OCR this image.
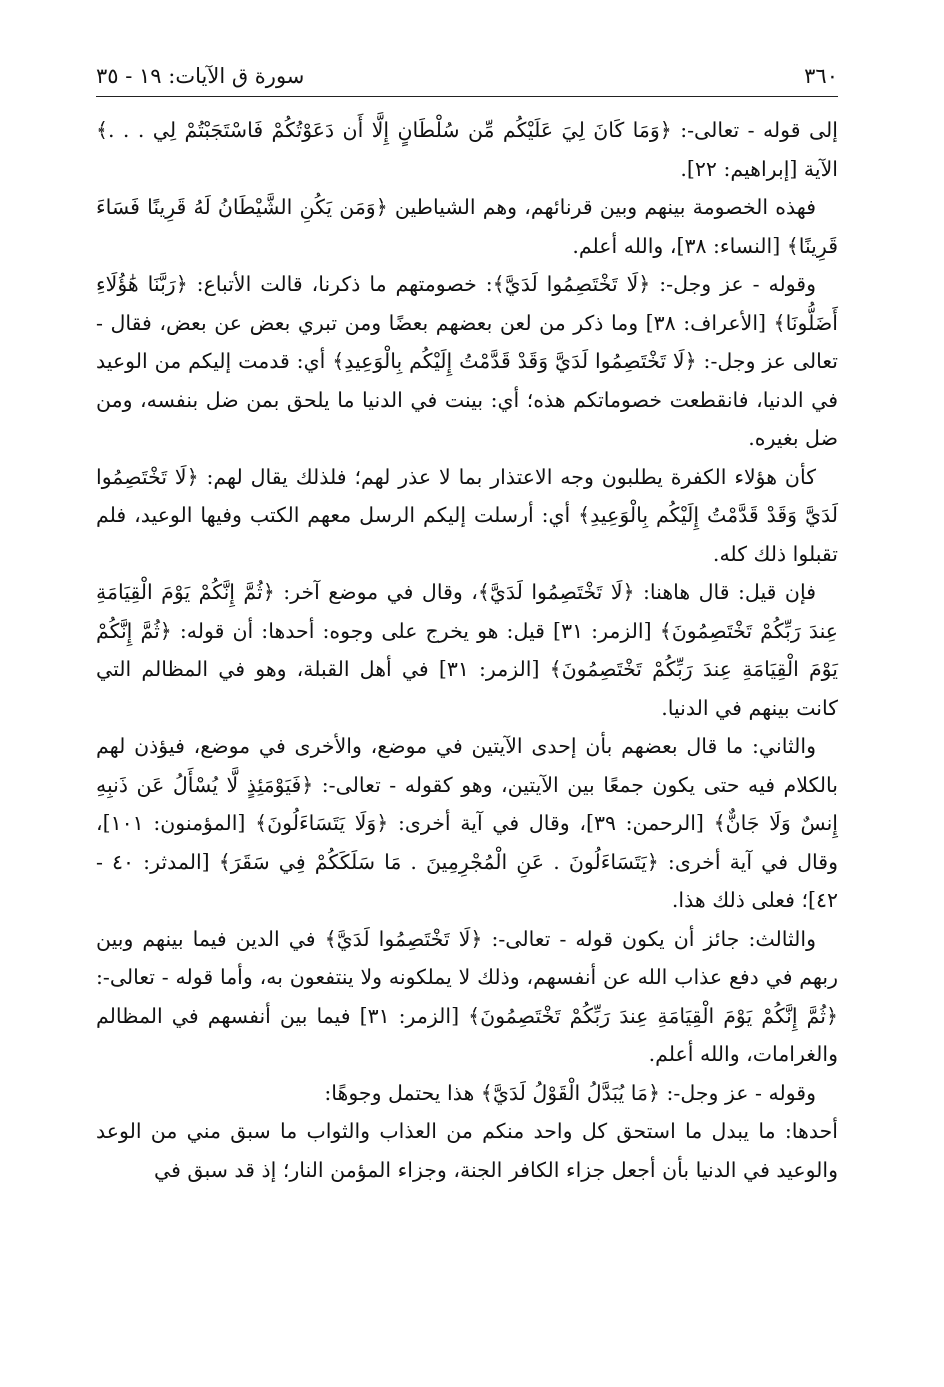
٣٦٠
سورة ق الآيات: ١٩ - ٣٥

إلى قوله - تعالى-: ﴿وَمَا كَانَ لِيَ عَلَيْكُم مِّن سُلْطَانٍ إِلَّا أَن دَعَوْتُكُمْ فَاسْتَجَبْتُمْ لِي . . .﴾ الآية [إبراهيم: ٢٢].

فهذه الخصومة بينهم وبين قرنائهم، وهم الشياطين ﴿وَمَن يَكُنِ الشَّيْطَانُ لَهُ قَرِينًا فَسَاءَ قَرِينًا﴾ [النساء: ٣٨]، والله أعلم.

وقوله - عز وجل-: ﴿لَا تَخْتَصِمُوا لَدَيَّ﴾: خصومتهم ما ذكرنا، قالت الأتباع: ﴿رَبَّنَا هَٰؤُلَاءِ أَضَلُّونَا﴾ [الأعراف: ٣٨] وما ذكر من لعن بعضهم بعضًا ومن تبري بعض عن بعض، فقال - تعالى عز وجل-: ﴿لَا تَخْتَصِمُوا لَدَيَّ وَقَدْ قَدَّمْتُ إِلَيْكُم بِالْوَعِيدِ﴾ أي: قدمت إليكم من الوعيد في الدنيا، فانقطعت خصوماتكم هذه؛ أي: بينت في الدنيا ما يلحق بمن ضل بنفسه، ومن ضل بغيره.

كأن هؤلاء الكفرة يطلبون وجه الاعتذار بما لا عذر لهم؛ فلذلك يقال لهم: ﴿لَا تَخْتَصِمُوا لَدَيَّ وَقَدْ قَدَّمْتُ إِلَيْكُم بِالْوَعِيدِ﴾ أي: أرسلت إليكم الرسل معهم الكتب وفيها الوعيد، فلم تقبلوا ذلك كله.

فإن قيل: قال هاهنا: ﴿لَا تَخْتَصِمُوا لَدَيَّ﴾، وقال في موضع آخر: ﴿ثُمَّ إِنَّكُمْ يَوْمَ الْقِيَامَةِ عِندَ رَبِّكُمْ تَخْتَصِمُونَ﴾ [الزمر: ٣١] قيل: هو يخرج على وجوه: أحدها: أن قوله: ﴿ثُمَّ إِنَّكُمْ يَوْمَ الْقِيَامَةِ عِندَ رَبِّكُمْ تَخْتَصِمُونَ﴾ [الزمر: ٣١] في أهل القبلة، وهو في المظالم التي كانت بينهم في الدنيا.

والثاني: ما قال بعضهم بأن إحدى الآيتين في موضع، والأخرى في موضع، فيؤذن لهم بالكلام فيه حتى يكون جمعًا بين الآيتين، وهو كقوله - تعالى-: ﴿فَيَوْمَئِذٍ لَّا يُسْأَلُ عَن ذَنبِهِ إِنسٌ وَلَا جَانٌّ﴾ [الرحمن: ٣٩]، وقال في آية أخرى: ﴿وَلَا يَتَسَاءَلُونَ﴾ [المؤمنون: ١٠١]، وقال في آية أخرى: ﴿يَتَسَاءَلُونَ . عَنِ الْمُجْرِمِينَ . مَا سَلَكَكُمْ فِي سَقَرَ﴾ [المدثر: ٤٠ - ٤٢]؛ فعلى ذلك هذا.

والثالث: جائز أن يكون قوله - تعالى-: ﴿لَا تَخْتَصِمُوا لَدَيَّ﴾ في الدين فيما بينهم وبين ربهم في دفع عذاب الله عن أنفسهم، وذلك لا يملكونه ولا ينتفعون به، وأما قوله - تعالى-: ﴿ثُمَّ إِنَّكُمْ يَوْمَ الْقِيَامَةِ عِندَ رَبِّكُمْ تَخْتَصِمُونَ﴾ [الزمر: ٣١] فيما بين أنفسهم في المظالم والغرامات، والله أعلم.

وقوله - عز وجل-: ﴿مَا يُبَدَّلُ الْقَوْلُ لَدَيَّ﴾ هذا يحتمل وجوهًا:

أحدها: ما يبدل ما استحق كل واحد منكم من العذاب والثواب ما سبق مني من الوعد والوعيد في الدنيا بأن أجعل جزاء الكافر الجنة، وجزاء المؤمن النار؛ إذ قد سبق في
